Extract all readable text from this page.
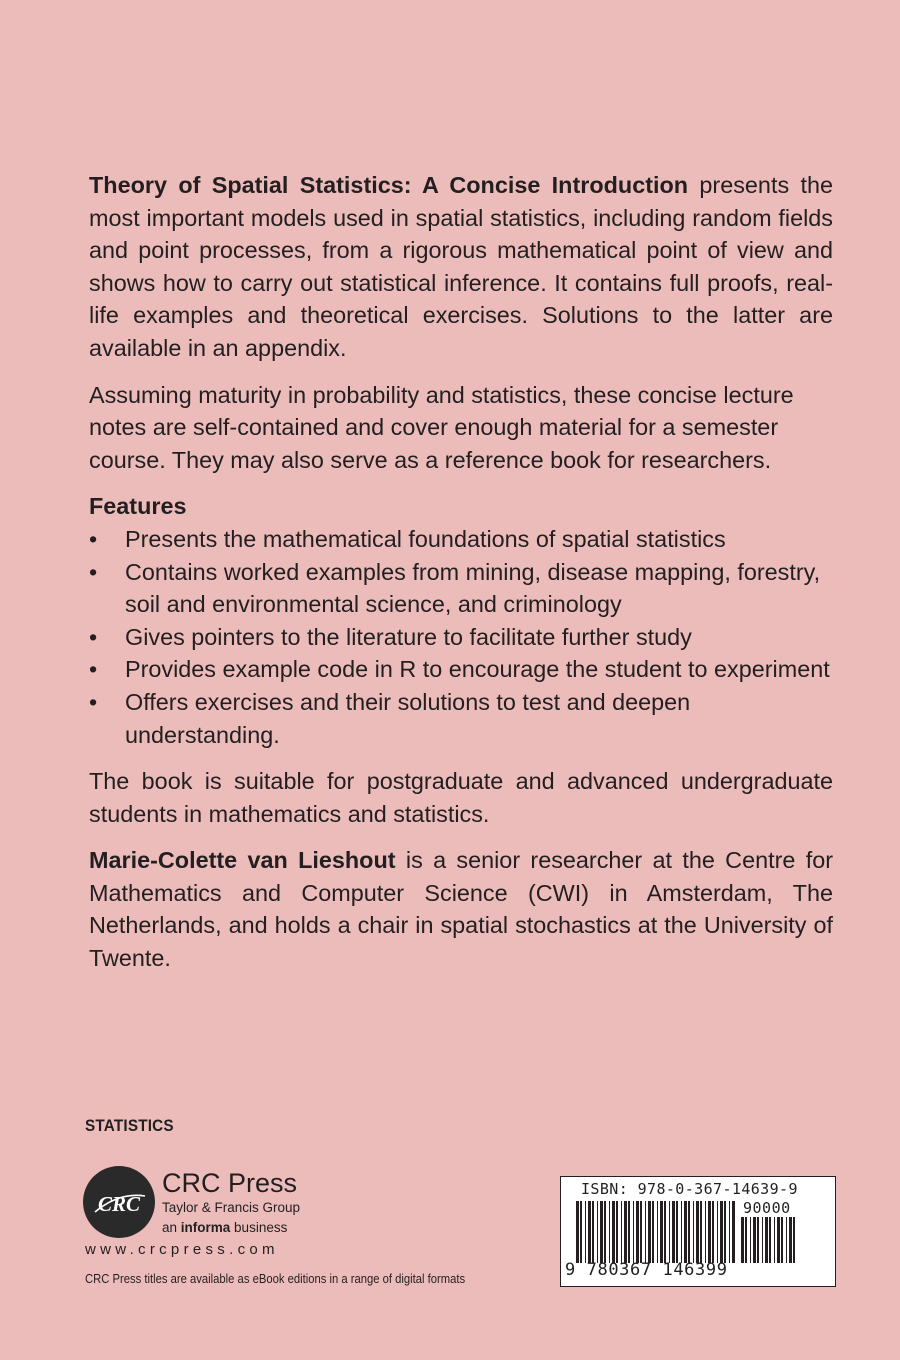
Theory of Spatial Statistics: A Concise Introduction presents the most important models used in spatial statistics, including random fields and point processes, from a rigorous mathematical point of view and shows how to carry out statistical inference. It contains full proofs, real-life examples and theoretical exercises. Solutions to the latter are available in an appendix.

Assuming maturity in probability and statistics, these concise lecture notes are self-contained and cover enough material for a semester course. They may also serve as a reference book for researchers.

Features

• Presents the mathematical foundations of spatial statistics
• Contains worked examples from mining, disease mapping, forestry, soil and environmental science, and criminology
• Gives pointers to the literature to facilitate further study
• Provides example code in R to encourage the student to experiment
• Offers exercises and their solutions to test and deepen understanding.

The book is suitable for postgraduate and advanced undergraduate students in mathematics and statistics.

Marie-Colette van Lieshout is a senior researcher at the Centre for Mathematics and Computer Science (CWI) in Amsterdam, The Netherlands, and holds a chair in spatial stochastics at the University of Twente.

STATISTICS
CRC
CRC Press
Taylor & Francis Group
an informa business
www.crcpress.com
CRC Press titles are available as eBook editions in a range of digital formats
ISBN: 978-0-367-14639-9
90000
9 780367 146399
